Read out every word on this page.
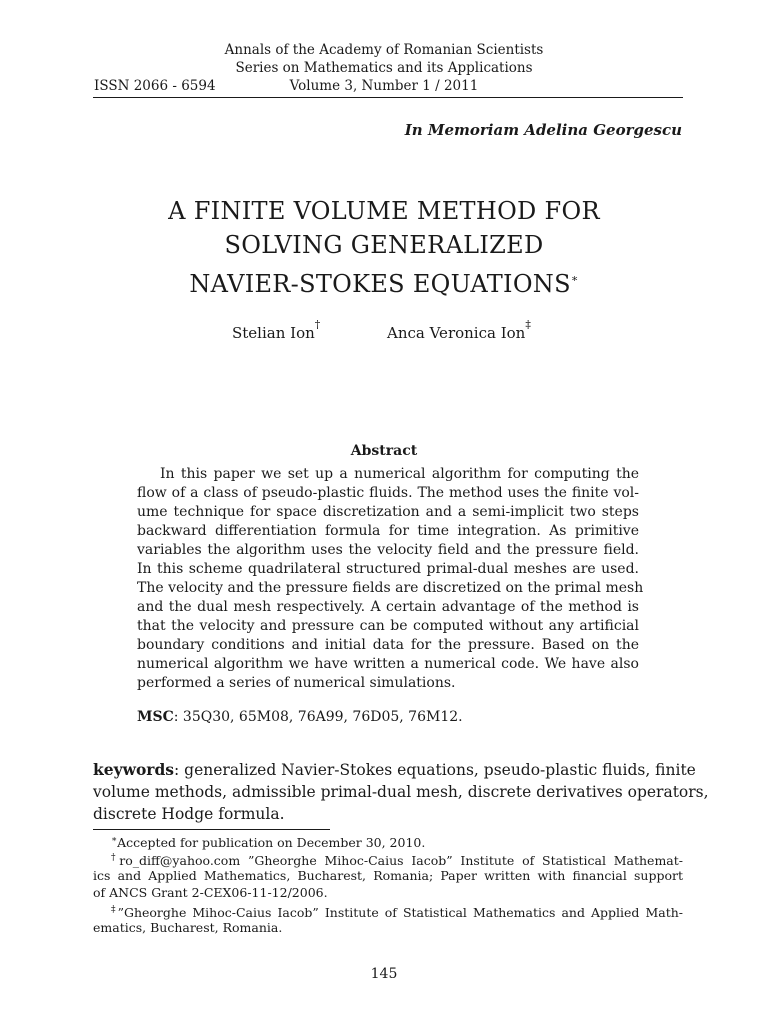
Annals of the Academy of Romanian Scientists
Series on Mathematics and its Applications
Volume 3, Number 1 / 2011
ISSN 2066 - 6594
In Memoriam Adelina Georgescu
A FINITE VOLUME METHOD FOR
SOLVING GENERALIZED
NAVIER-STOKES EQUATIONS∗
Stelian Ion†	Anca Veronica Ion‡
Abstract
In this paper we set up a numerical algorithm for computing the
flow of a class of pseudo-plastic fluids. The method uses the finite vol-
ume technique for space discretization and a semi-implicit two steps
backward differentiation formula for time integration. As primitive
variables the algorithm uses the velocity field and the pressure field.
In this scheme quadrilateral structured primal-dual meshes are used.
The velocity and the pressure fields are discretized on the primal mesh
and the dual mesh respectively. A certain advantage of the method is
that the velocity and pressure can be computed without any artificial
boundary conditions and initial data for the pressure. Based on the
numerical algorithm we have written a numerical code. We have also
performed a series of numerical simulations.
MSC: 35Q30, 65M08, 76A99, 76D05, 76M12.
keywords: generalized Navier-Stokes equations, pseudo-plastic fluids, finite
volume methods, admissible primal-dual mesh, discrete derivatives operators,
discrete Hodge formula.
∗Accepted for publication on December 30, 2010.
†ro_diff@yahoo.com ”Gheorghe Mihoc-Caius Iacob” Institute of Statistical Mathemat-
ics and Applied Mathematics, Bucharest, Romania; Paper written with financial support
of ANCS Grant 2-CEX06-11-12/2006.
‡”Gheorghe Mihoc-Caius Iacob” Institute of Statistical Mathematics and Applied Math-
ematics, Bucharest, Romania.
145
